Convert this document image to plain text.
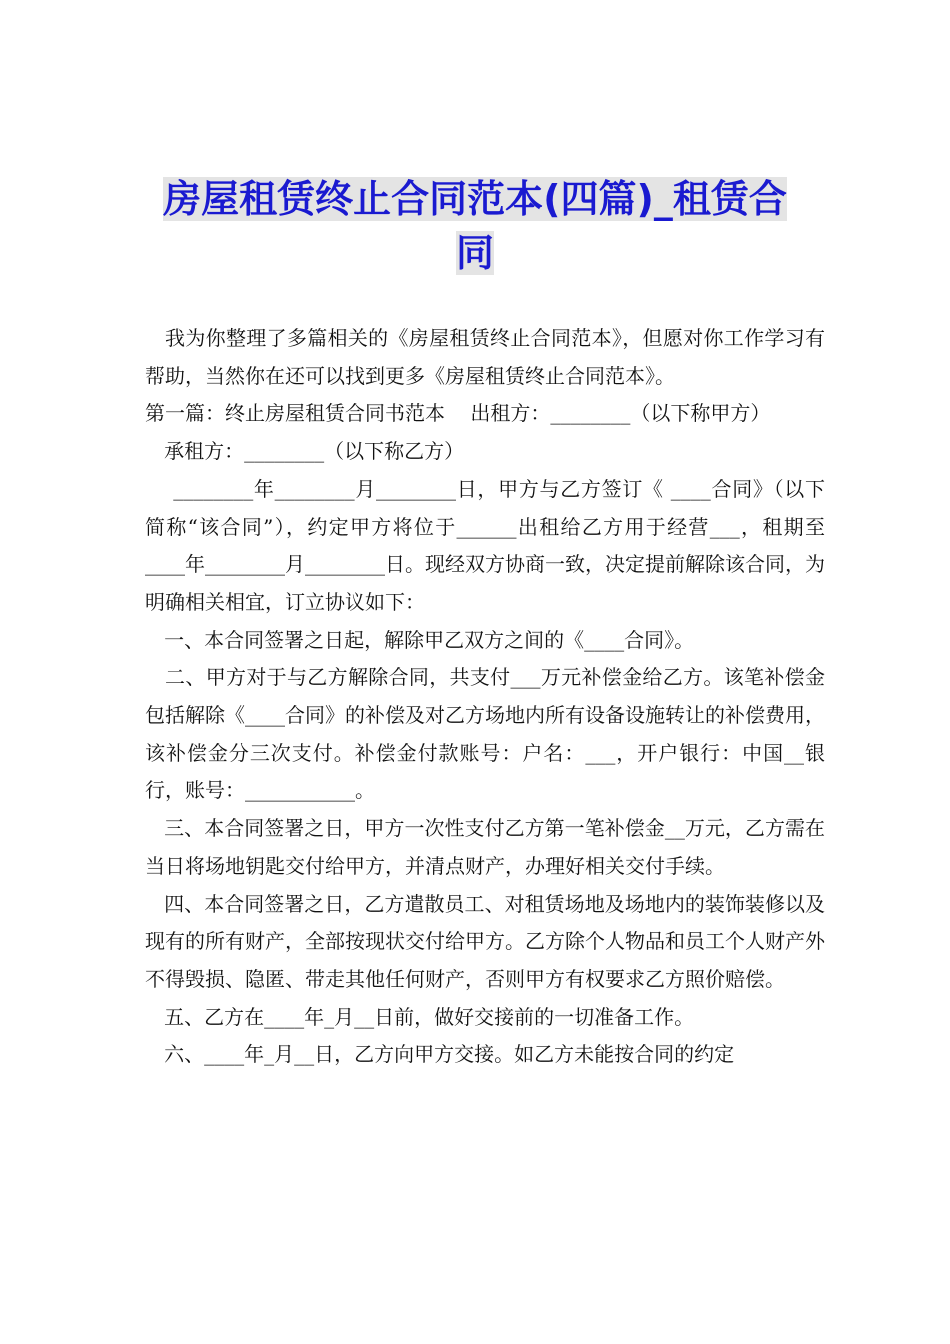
房屋租赁终止合同范本(四篇)_租赁合
同

我为你整理了多篇相关的《房屋租赁终止合同范本》，但愿对你工作学习有帮助，当然你在还可以找到更多《房屋租赁终止合同范本》。

第一篇：终止房屋租赁合同书范本    出租方：________（以下称甲方）

承租方：________（以下称乙方）

________年________月________日，甲方与乙方签订《 ____合同》（以下简称“该合同”），约定甲方将位于______出租给乙方用于经营___，租期至____年________月________日。现经双方协商一致，决定提前解除该合同，为明确相关相宜，订立协议如下：

一、本合同签署之日起，解除甲乙双方之间的《____合同》。

二、甲方对于与乙方解除合同，共支付___万元补偿金给乙方。该笔补偿金包括解除《____合同》的补偿及对乙方场地内所有设备设施转让的补偿费用，该补偿金分三次支付。补偿金付款账号：户名：___，开户银行：中国__银行，账号：___________。

三、本合同签署之日，甲方一次性支付乙方第一笔补偿金__万元，乙方需在当日将场地钥匙交付给甲方，并清点财产，办理好相关交付手续。

四、本合同签署之日，乙方遣散员工、对租赁场地及场地内的装饰装修以及现有的所有财产，全部按现状交付给甲方。乙方除个人物品和员工个人财产外不得毁损、隐匿、带走其他任何财产，否则甲方有权要求乙方照价赔偿。

五、乙方在____年_月__日前，做好交接前的一切准备工作。

六、____年_月__日，乙方向甲方交接。如乙方未能按合同的约定
